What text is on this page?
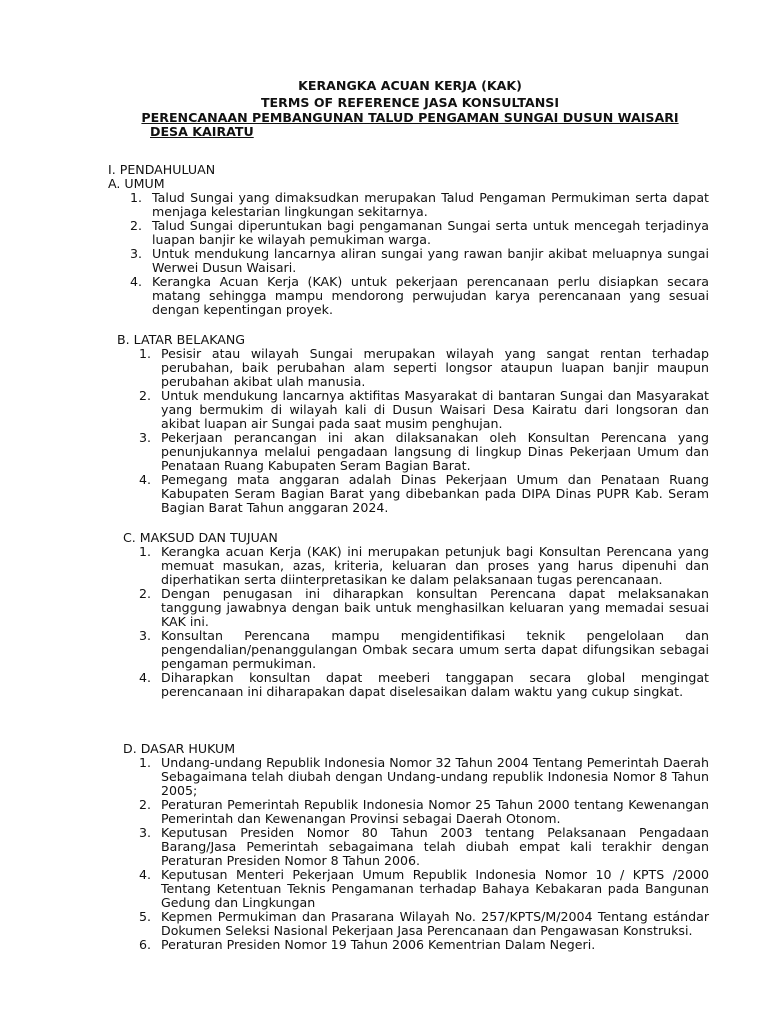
KERANGKA ACUAN KERJA (KAK)
TERMS OF REFERENCE JASA KONSULTANSI
PERENCANAAN PEMBANGUNAN TALUD PENGAMAN SUNGAI DUSUN WAISARI
DESA KAIRATU
I. PENDAHULUAN
A. UMUM
1. Talud Sungai yang dimaksudkan merupakan Talud Pengaman Permukiman serta dapat menjaga kelestarian lingkungan sekitarnya.
2. Talud Sungai diperuntukan bagi pengamanan Sungai serta untuk mencegah terjadinya luapan banjir ke wilayah pemukiman warga.
3. Untuk mendukung lancarnya aliran sungai yang rawan banjir akibat meluapnya sungai Werwei Dusun Waisari.
4. Kerangka Acuan Kerja (KAK) untuk pekerjaan perencanaan perlu disiapkan secara matang sehingga mampu mendorong perwujudan karya perencanaan yang sesuai dengan kepentingan proyek.
B. LATAR BELAKANG
1. Pesisir atau wilayah Sungai merupakan wilayah yang sangat rentan terhadap perubahan, baik perubahan alam seperti longsor ataupun luapan banjir maupun perubahan akibat ulah manusia.
2. Untuk mendukung lancarnya aktifitas Masyarakat di bantaran Sungai dan Masyarakat yang bermukim di wilayah kali di Dusun Waisari Desa Kairatu dari longsoran dan akibat luapan air Sungai pada saat musim penghujan.
3. Pekerjaan perancangan ini akan dilaksanakan oleh Konsultan Perencana yang penunjukannya melalui pengadaan langsung di lingkup Dinas Pekerjaan Umum dan Penataan Ruang Kabupaten Seram Bagian Barat.
4. Pemegang mata anggaran adalah Dinas Pekerjaan Umum dan Penataan Ruang Kabupaten Seram Bagian Barat yang dibebankan pada DIPA Dinas PUPR Kab. Seram Bagian Barat Tahun anggaran 2024.
C. MAKSUD DAN TUJUAN
1. Kerangka acuan Kerja (KAK) ini merupakan petunjuk bagi Konsultan Perencana yang memuat masukan, azas, kriteria, keluaran dan proses yang harus dipenuhi dan diperhatikan serta diinterpretasikan ke dalam pelaksanaan tugas perencanaan.
2. Dengan penugasan ini diharapkan konsultan Perencana dapat melaksanakan tanggung jawabnya dengan baik untuk menghasilkan keluaran yang memadai sesuai KAK ini.
3. Konsultan Perencana mampu mengidentifikasi teknik pengelolaan dan pengendalian/penanggulangan Ombak secara umum serta dapat difungsikan sebagai pengaman permukiman.
4. Diharapkan konsultan dapat meeberi tanggapan secara global mengingat perencanaan ini diharapakan dapat diselesaikan dalam waktu yang cukup singkat.
D. DASAR HUKUM
1. Undang-undang Republik Indonesia Nomor 32 Tahun 2004 Tentang Pemerintah Daerah Sebagaimana telah diubah dengan Undang-undang republik Indonesia Nomor 8 Tahun 2005;
2. Peraturan Pemerintah Republik Indonesia Nomor 25 Tahun 2000 tentang Kewenangan Pemerintah dan Kewenangan Provinsi sebagai Daerah Otonom.
3. Keputusan Presiden Nomor 80 Tahun 2003 tentang Pelaksanaan Pengadaan Barang/Jasa Pemerintah sebagaimana telah diubah empat kali terakhir dengan Peraturan Presiden Nomor 8 Tahun 2006.
4. Keputusan Menteri Pekerjaan Umum Republik Indonesia Nomor 10 / KPTS /2000 Tentang Ketentuan Teknis Pengamanan terhadap Bahaya Kebakaran pada Bangunan Gedung dan Lingkungan
5. Kepmen Permukiman dan Prasarana Wilayah No. 257/KPTS/M/2004 Tentang estándar Dokumen Seleksi Nasional Pekerjaan Jasa Perencanaan dan Pengawasan Konstruksi.
6. Peraturan Presiden Nomor 19 Tahun 2006 Kementrian Dalam Negeri.
